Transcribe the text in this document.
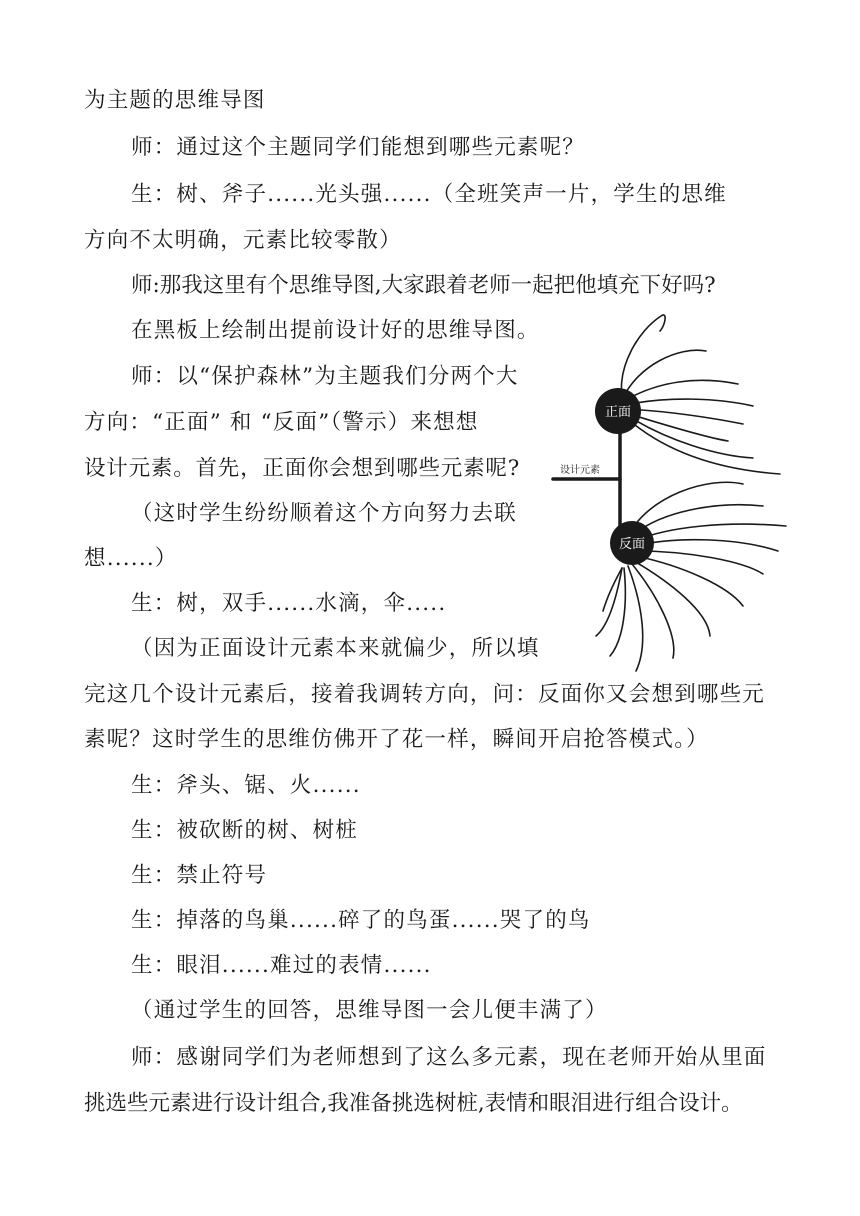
为主题的思维导图
师：通过这个主题同学们能想到哪些元素呢？
生：树、斧子......光头强......（全班笑声一片，学生的思维
方向不太明确，元素比较零散）
师:那我这里有个思维导图,大家跟着老师一起把他填充下好吗?
在黑板上绘制出提前设计好的思维导图。
师：以“保护森林”为主题我们分两个大
方向：“正面” 和 “反面”（警示）来想想
设计元素。首先，正面你会想到哪些元素呢?
（这时学生纷纷顺着这个方向努力去联
想......）
生：树，双手......水滴，伞.....
（因为正面设计元素本来就偏少，所以填
完这几个设计元素后，接着我调转方向，问：反面你又会想到哪些元
素呢？这时学生的思维仿佛开了花一样，瞬间开启抢答模式。）
生：斧头、锯、火......
生：被砍断的树、树桩
生：禁止符号
生：掉落的鸟巢......碎了的鸟蛋......哭了的鸟
生：眼泪......难过的表情......
（通过学生的回答，思维导图一会儿便丰满了）
师：感谢同学们为老师想到了这么多元素，现在老师开始从里面
挑选些元素进行设计组合,我准备挑选树桩,表情和眼泪进行组合设计。
设计元素
正面
反面
